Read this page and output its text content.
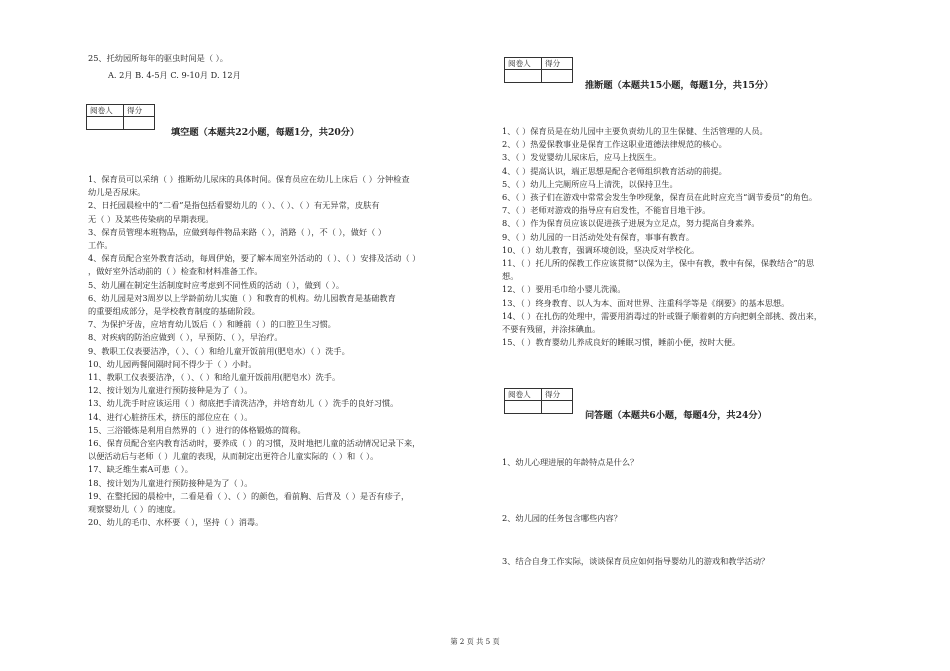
25、托幼园所每年的驱虫时间是（ ）。
A. 2月 B. 4-5月 C. 9-10月 D. 12月
阅卷人	得分

填空题（本题共22小题，每题1分，共20分）
1、保育员可以采纳（ ）推断幼儿尿床的具体时间。保育员应在幼儿上床后（ ）分钟检查
幼儿是否尿床。
2、日托园晨检中的“二看”是指包括看婴幼儿的（ ）、（ ）、（ ）有无异常，皮肤有
无（ ）及某些传染病的早期表现。
3、保育员管理本班物品，应做到每件物品来路（ ），消路（ ），不（ ），做好（ ）
工作。
4、保育员配合室外教育活动，每周伊始，要了解本周室外活动的（ ）、（ ）安排及活动（ ）
，做好室外活动前的（ ）检查和材料准备工作。
5、幼儿圃在制定生活制度时应考虑到不同性质的活动（ ），做到（ ）。
6、幼儿园是对3周岁以上学龄前幼儿实施（ ）和教育的机构。幼儿园教育是基础教育
的重要组成部分，是学校教育制度的基础阶段。
7、为保护牙齿，应培育幼儿饭后（ ）和睡前（ ）的口腔卫生习惯。
8、对疾病的防治应做到（ ），早预防、（ ），早治疗。
9、教职工仪表要洁净，（ ）、（ ）和给儿童开饭前用(肥皂水）（ ）洗手。
10、幼儿园两餐间隔时间不得少于（ ）小时。
11、教职工仪表要洁净，（ ）、（ ）和给儿童开饭前用(肥皂水）洗手。
12、按计划为儿童进行预防接种是为了（ ）。
13、幼儿洗手时应该运用（ ）彻底把手清洗洁净，并培育幼儿（ ）洗手的良好习惯。
14、进行心脏挤压术，挤压的部位应在（ ）。
15、三浴锻炼是利用自然界的（ ）进行的体格锻炼的简称。
16、保育员配合室内教育活动时，要养成（ ）的习惯，及时地把儿童的活动情况记录下来，
以便活动后与老师（ ）儿童的表现，从而制定出更符合儿童实际的（ ）和（ ）。
17、缺乏维生素A可患（ ）。
18、按计划为儿童进行预防接种是为了（ ）。
19、在整托园的晨检中，二看是看（ ）、（ ）的颜色，看前胸、后背及（ ）是否有疹子，
观察婴幼儿（ ）的速度。
20、幼儿的毛巾、水杯要（ ），坚持（ ）消毒。
阅卷人	得分

推断题（本题共15小题，每题1分，共15分）
1、（ ）保育员是在幼儿园中主要负责幼儿的卫生保健、生活管理的人员。
2、（ ）热爱保教事业是保育工作这职业道德法律规范的核心。
3、（ ）发觉婴幼儿尿床后，应马上找医生。
4、（ ）提高认识，端正思想是配合老师组织教育活动的前提。
5、（ ）幼儿上完厕所应马上清洗，以保持卫生。
6、（ ）孩子们在游戏中常常会发生争吵现象，保育员在此时应充当“调节委员”的角色。
7、（ ）老师对游戏的指导应有启发性，不能盲目地干涉。
8、（ ）作为保育员应该以促进孩子进展为立足点，努力提高自身素养。
9、（ ）幼儿园的一日活动处处有保育，事事有教育。
10、（ ）幼儿教育，强调环境创设，坚决反对学校化。
11、（ ）托儿所的保教工作应该贯彻“以保为主，保中有教，教中有保，保教结合”的思
想。
12、（ ）要用毛巾给小婴儿洗澡。
13、（ ）终身教育、以人为本、面对世界、注重科学等是《纲要》的基本思想。
14、（ ）在扎伤的处理中，需要用消毒过的针或镊子顺着刺的方向把刺全部挑、拨出来，
不要有残留，并涂抹碘血。
15、（ ）教育婴幼儿养成良好的睡眠习惯，睡前小便，按时大便。
阅卷人	得分

问答题（本题共6小题，每题4分，共24分）
1、幼儿心理进展的年龄特点是什么？
2、幼儿园的任务包含哪些内容？
3、结合自身工作实际，谈谈保育员应如何指导婴幼儿的游戏和教学活动？
第 2 页 共 5 页
